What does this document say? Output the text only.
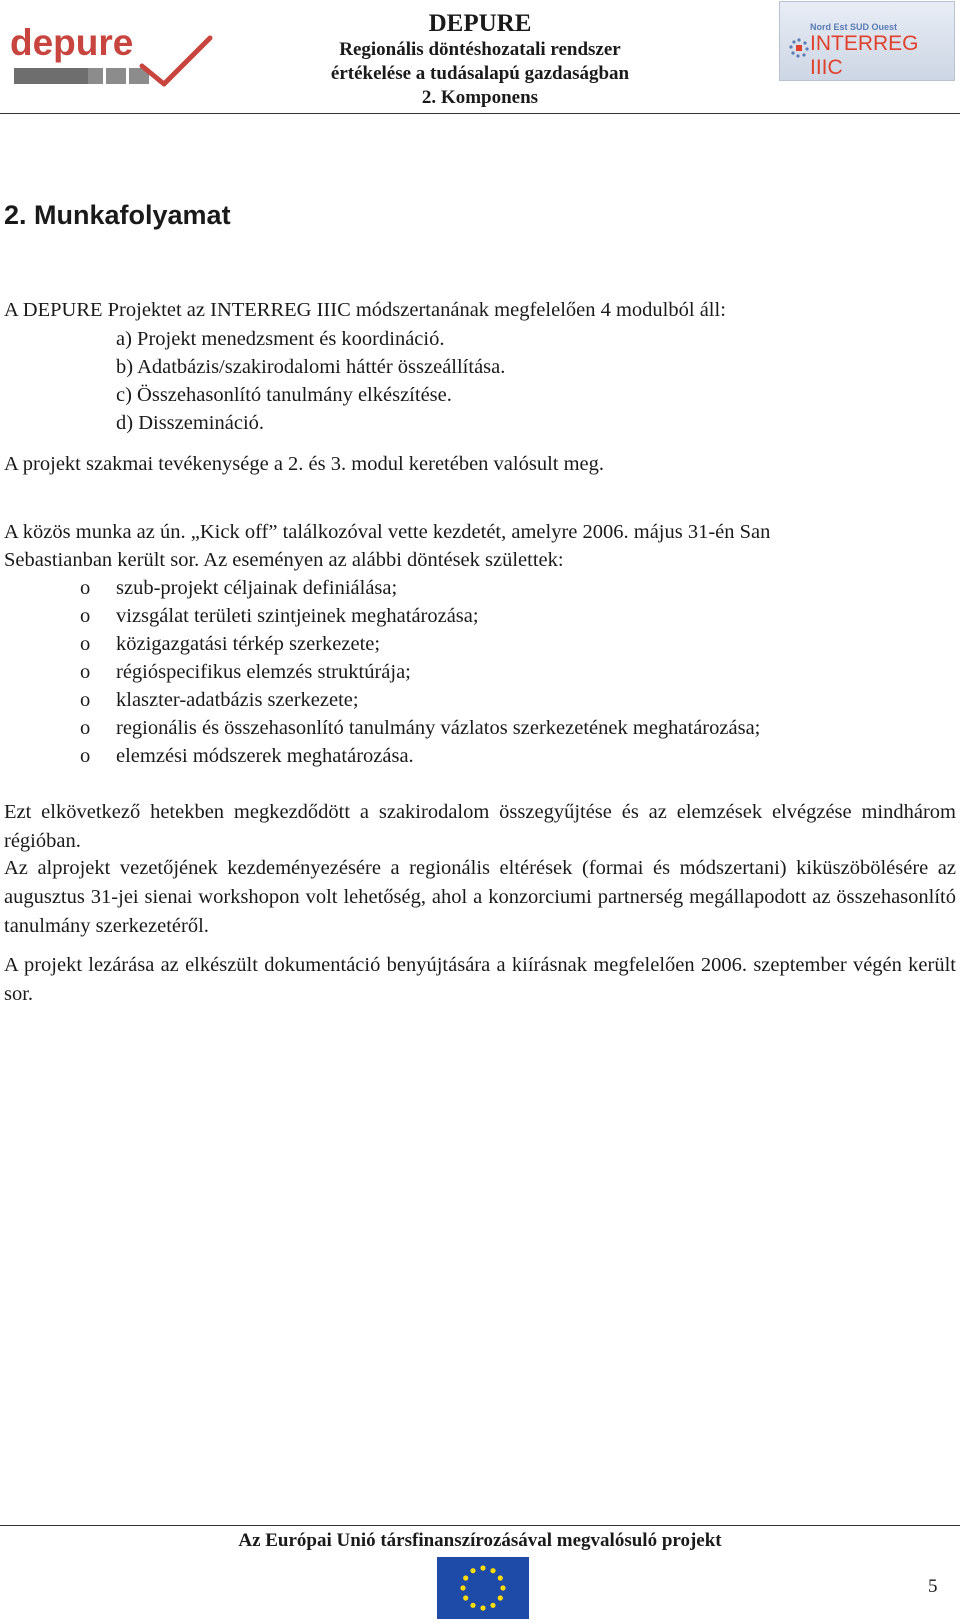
depure	DEPURE
Regionális döntéshozatali rendszer
értékelése a tudásalapú gazdaságban
2. Komponens
Nord Est SUD Ouest
INTERREG IIIC
2. Munkafolyamat
A DEPURE Projektet az INTERREG IIIC módszertanának megfelelően 4 modulból áll:
a) Projekt menedzsment és koordináció.
b) Adatbázis/szakirodalomi háttér összeállítása.
c) Összehasonlító tanulmány elkészítése.
d) Disszemináció.
A projekt szakmai tevékenysége a 2. és 3. modul keretében valósult meg.
A közös munka az ún. „Kick off” találkozóval vette kezdetét, amelyre 2006. május 31-én San
Sebastianban került sor. Az eseményen az alábbi döntések születtek:
o szub-projekt céljainak definiálása;
o vizsgálat területi szintjeinek meghatározása;
o közigazgatási térkép szerkezete;
o régióspecifikus elemzés struktúrája;
o klaszter-adatbázis szerkezete;
o regionális és összehasonlító tanulmány vázlatos szerkezetének meghatározása;
o elemzési módszerek meghatározása.
Ezt elkövetkező hetekben megkezdődött a szakirodalom összegyűjtése és az elemzések elvégzése mindhárom régióban.
Az alprojekt vezetőjének kezdeményezésére a regionális eltérések (formai és módszertani) kiküszöbölésére az augusztus 31-jei sienai workshopon volt lehetőség, ahol a konzorciumi partnerség megállapodott az összehasonlító tanulmány szerkezetéről.
A projekt lezárása az elkészült dokumentáció benyújtására a kiírásnak megfelelően 2006. szeptember végén került sor.
Az Európai Unió társfinanszírozásával megvalósuló projekt
5
